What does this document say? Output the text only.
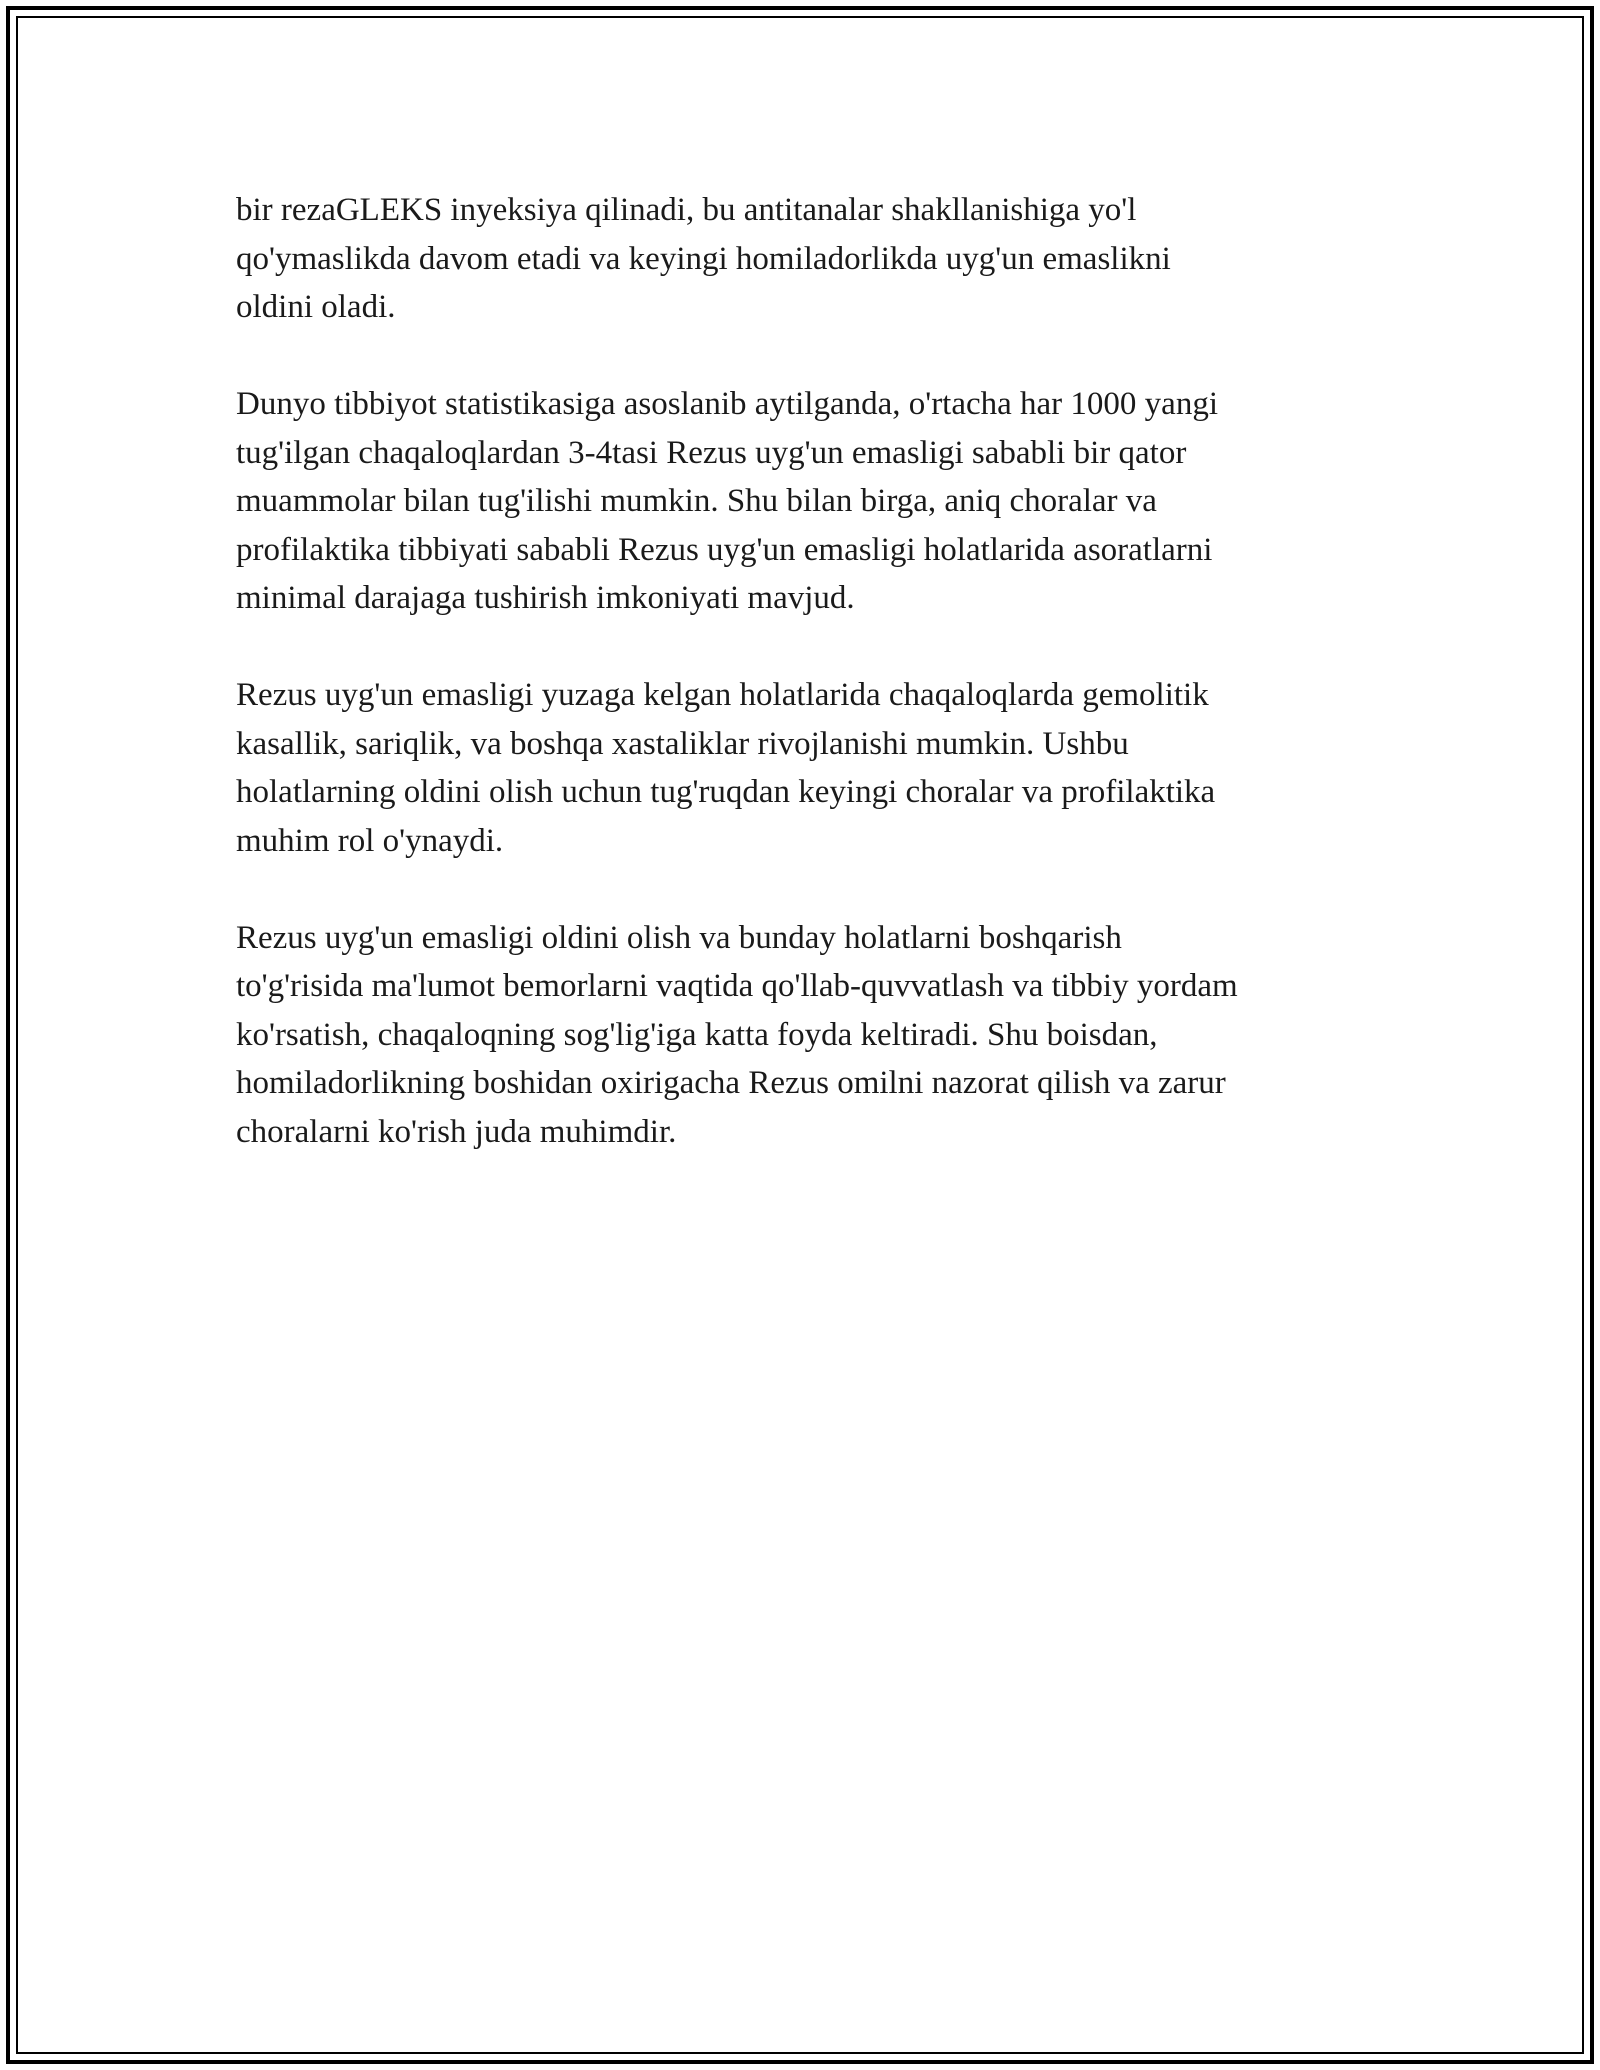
bir rezaGLEKS inyeksiya qilinadi, bu antitanalar shakllanishiga yo'l
qo'ymaslikda davom etadi va keyingi homiladorlikda uyg'un emaslikni
oldini oladi.

Dunyo tibbiyot statistikasiga asoslanib aytilganda, o'rtacha har 1000 yangi
tug'ilgan chaqaloqlardan 3-4tasi Rezus uyg'un emasligi sababli bir qator
muammolar bilan tug'ilishi mumkin. Shu bilan birga, aniq choralar va
profilaktika tibbiyati sababli Rezus uyg'un emasligi holatlarida asoratlarni
minimal darajaga tushirish imkoniyati mavjud.

Rezus uyg'un emasligi yuzaga kelgan holatlarida chaqaloqlarda gemolitik
kasallik, sariqlik, va boshqa xastaliklar rivojlanishi mumkin. Ushbu
holatlarning oldini olish uchun tug'ruqdan keyingi choralar va profilaktika
muhim rol o'ynaydi.

Rezus uyg'un emasligi oldini olish va bunday holatlarni boshqarish
to'g'risida ma'lumot bemorlarni vaqtida qo'llab-quvvatlash va tibbiy yordam
ko'rsatish, chaqaloqning sog'lig'iga katta foyda keltiradi. Shu boisdan,
homiladorlikning boshidan oxirigacha Rezus omilni nazorat qilish va zarur
choralarni ko'rish juda muhimdir.
